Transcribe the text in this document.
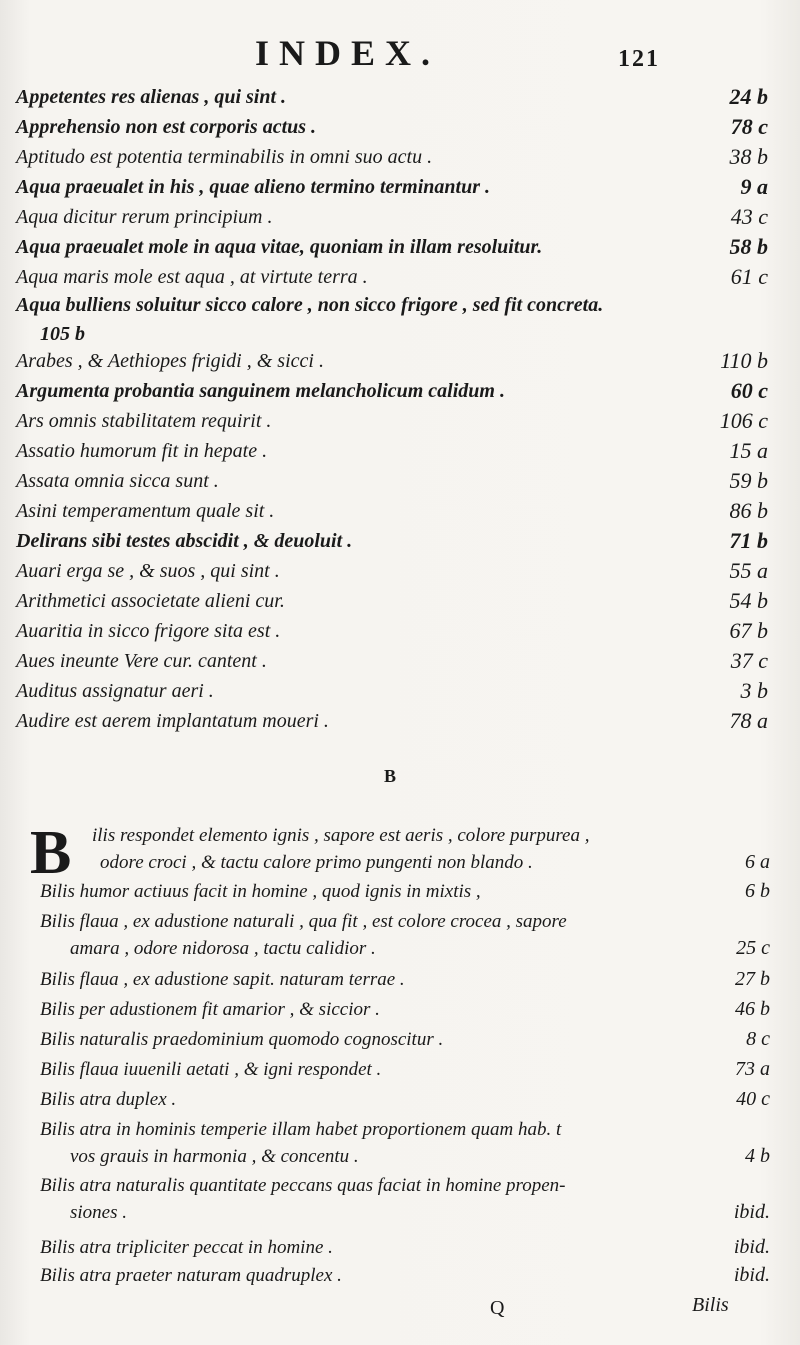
INDEX.	121
Appetentes res alienas , qui sint .	24 b
Apprehensio non est corporis actus .	78 c
Aptitudo est potentia terminabilis in omni suo actu .	38 b
Aqua praeualet in his , quae alieno termino terminantur .	9 a
Aqua dicitur rerum principium .	43 c
Aqua praeualet mole in aqua vitae, quoniam in illam resoluitur.	58 b
Aqua maris mole est aqua , at virtute terra .	61 c
Aqua bulliens soluitur sicco calore , non sicco frigore , sed fit concreta.
105 b
Arabes , & Aethiopes frigidi , & sicci .	110 b
Argumenta probantia sanguinem melancholicum calidum .	60 c
Ars omnis stabilitatem requirit .	106 c
Assatio humorum fit in hepate .	15 a
Assata omnia sicca sunt .	59 b
Asini temperamentum quale sit .	86 b
Delirans sibi testes abscidit , & deuoluit .	71 b
Auari erga se , & suos , qui sint .	55 a
Arithmetici associetate alieni cur.	54 b
Auaritia in sicco frigore sita est .	67 b
Aues ineunte Vere cur. cantent .	37 c
Auditus assignatur aeri .	3 b
Audire est aerem implantatum moueri .	78 a
B
B ilis respondet elemento ignis , sapore est aeris , colore purpurea ,
odore croci , & tactu calore primo pungenti non blando .	6 a
Bilis humor actiuus facit in homine , quod ignis in mixtis ,	6 b
Bilis flaua , ex adustione naturali , qua fit , est colore crocea , sapore
amara , odore nidorosa , tactu calidior .	25 c
Bilis flaua , ex adustione sapit. naturam terrae .	27 b
Bilis per adustionem fit amarior , & siccior .	46 b
Bilis naturalis praedominium quomodo cognoscitur .	8 c
Bilis flaua iuuenili aetati , & igni respondet .	73 a
Bilis atra duplex .	40 c
Bilis atra in hominis temperie illam habet proportionem quam hab. t
vos grauis in harmonia , & concentu .	4 b
Bilis atra naturalis quantitate peccans quas faciat in homine propen-
siones .	ibid.
Bilis atra tripliciter peccat in homine .	ibid.
Bilis atra praeter naturam quadruplex .	ibid.
Q	Bilis
